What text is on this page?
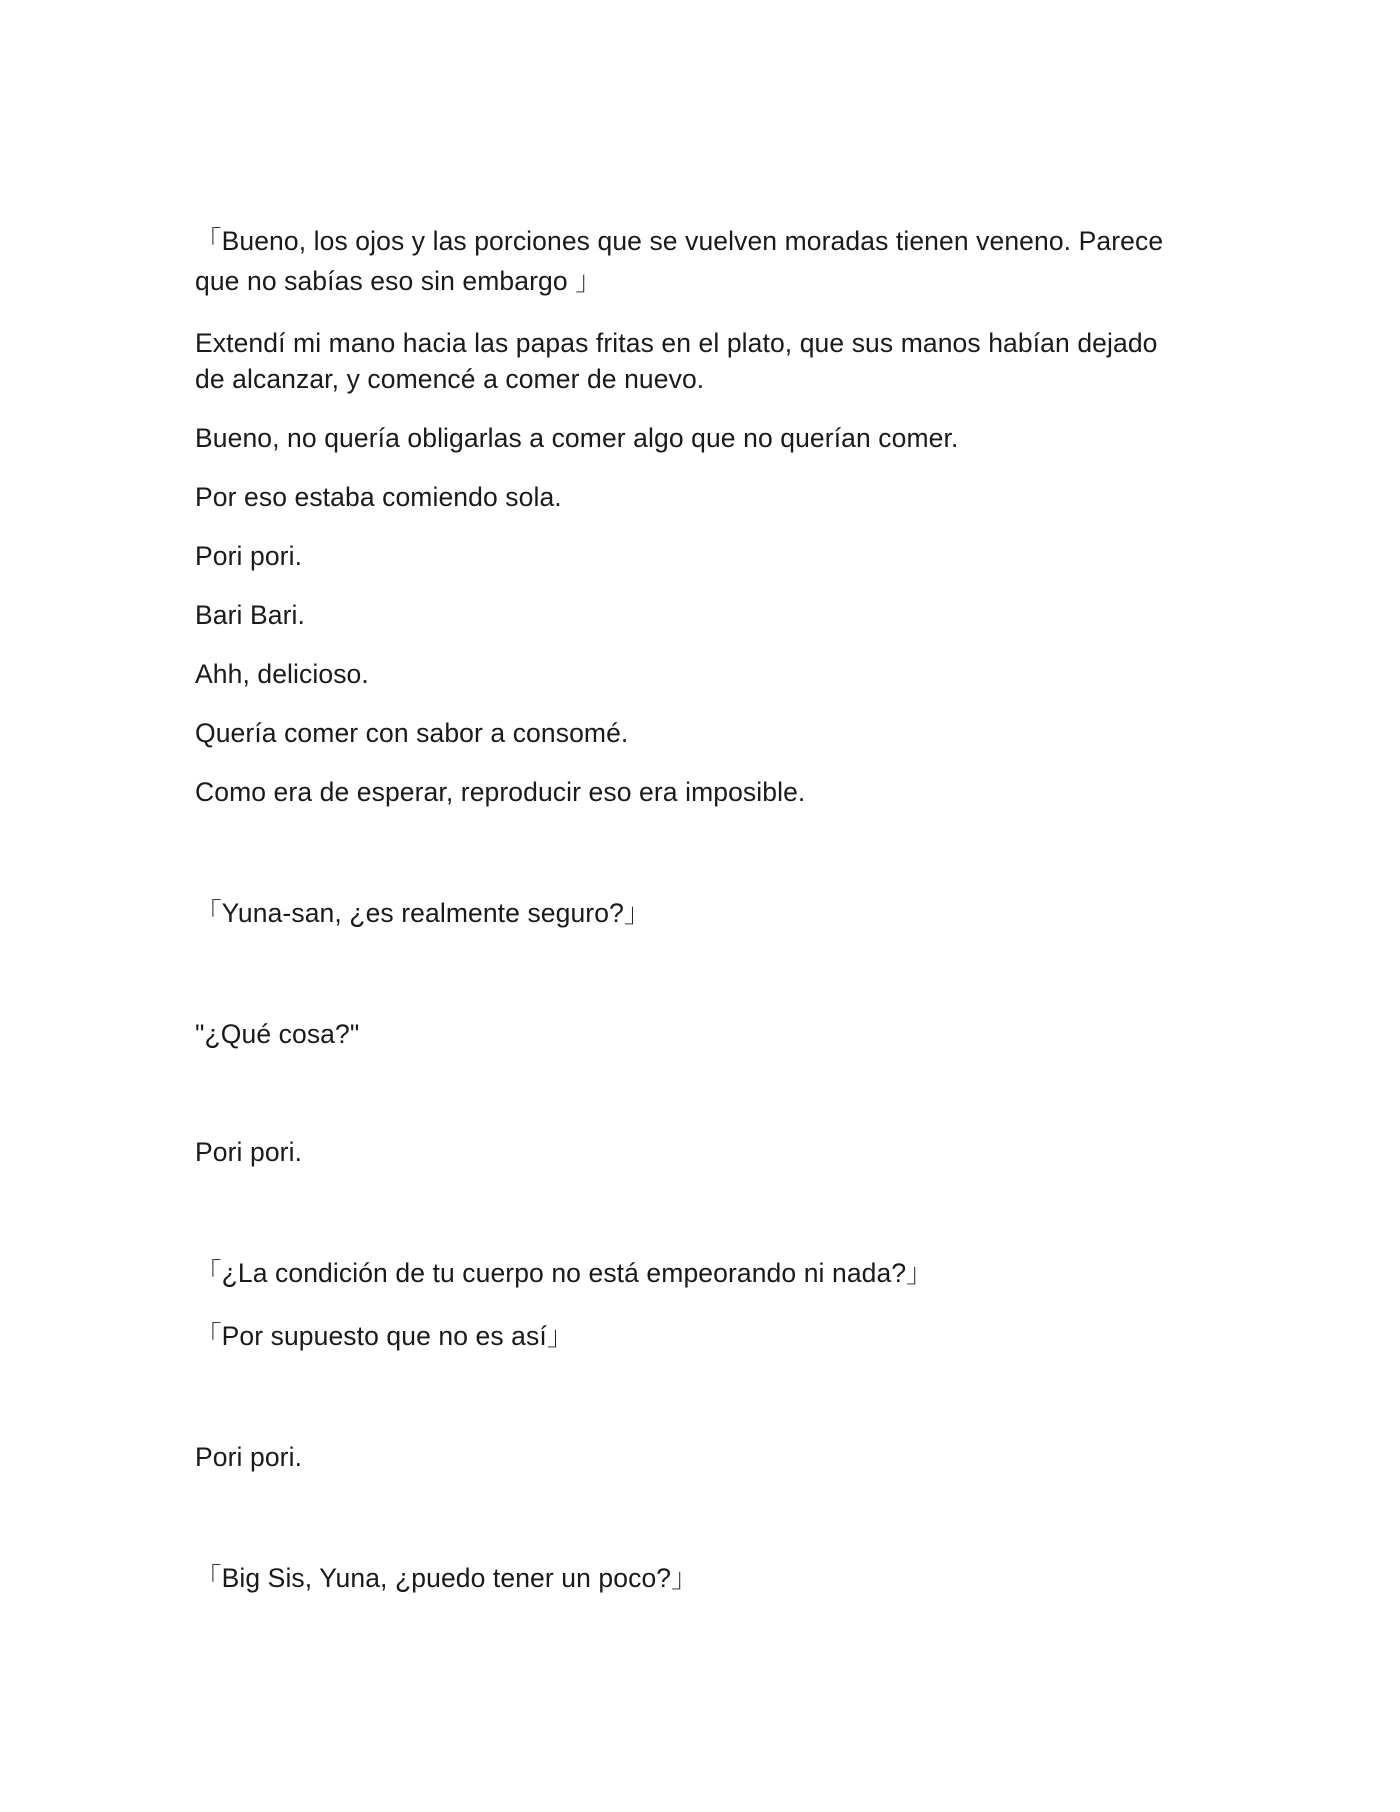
「Bueno, los ojos y las porciones que se vuelven moradas tienen veneno. Parece

que no sabías eso sin embargo 」

Extendí mi mano hacia las papas fritas en el plato, que sus manos habían dejado

de alcanzar, y comencé a comer de nuevo.

Bueno, no quería obligarlas a comer algo que no querían comer.

Por eso estaba comiendo sola.

Pori pori.

Bari Bari.

Ahh, delicioso.

Quería comer con sabor a consomé.

Como era de esperar, reproducir eso era imposible.

「Yuna-san, ¿es realmente seguro?」

"¿Qué cosa?"

Pori pori.

「¿La condición de tu cuerpo no está empeorando ni nada?」

「Por supuesto que no es así」

Pori pori.

「Big Sis, Yuna, ¿puedo tener un poco?」
